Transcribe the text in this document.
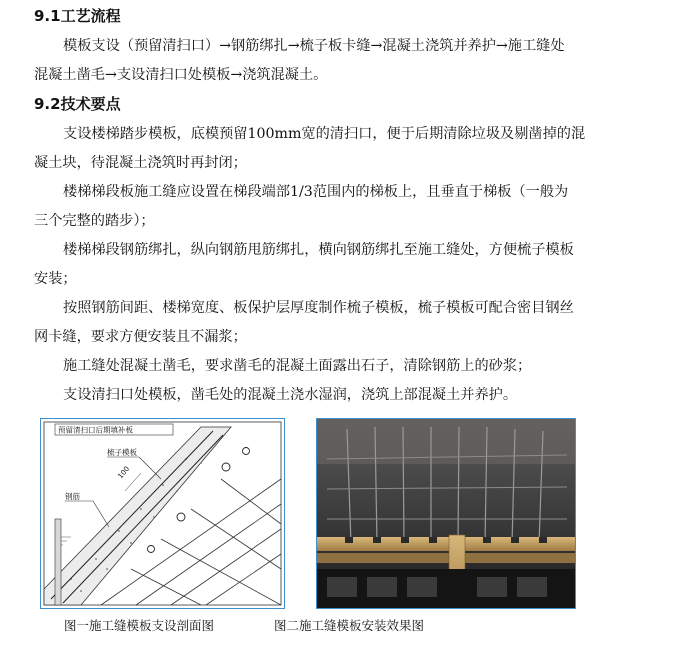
9.1工艺流程

模板支设（预留清扫口）→钢筋绑扎→梳子板卡缝→混凝土浇筑并养护→施工缝处

混凝土凿毛→支设清扫口处模板→浇筑混凝土。

9.2技术要点

支设楼梯踏步模板，底模预留100mm宽的清扫口，便于后期清除垃圾及剔凿掉的混

凝土块，待混凝土浇筑时再封闭；

楼梯梯段板施工缝应设置在梯段端部1/3范围内的梯板上，且垂直于梯板（一般为

三个完整的踏步）；

楼梯梯段钢筋绑扎，纵向钢筋甩筋绑扎，横向钢筋绑扎至施工缝处，方便梳子模板

安装；

按照钢筋间距、楼梯宽度、板保护层厚度制作梳子模板，梳子模板可配合密目钢丝

网卡缝，要求方便安装且不漏浆；

施工缝处混凝土凿毛，要求凿毛的混凝土面露出石子，清除钢筋上的砂浆；

支设清扫口处模板，凿毛处的混凝土浇水湿润，浇筑上部混凝土并养护。

预留清扫口后期填补板
梳子模板
100
钢筋
图一施工缝模板支设剖面图	图二施工缝模板安装效果图
